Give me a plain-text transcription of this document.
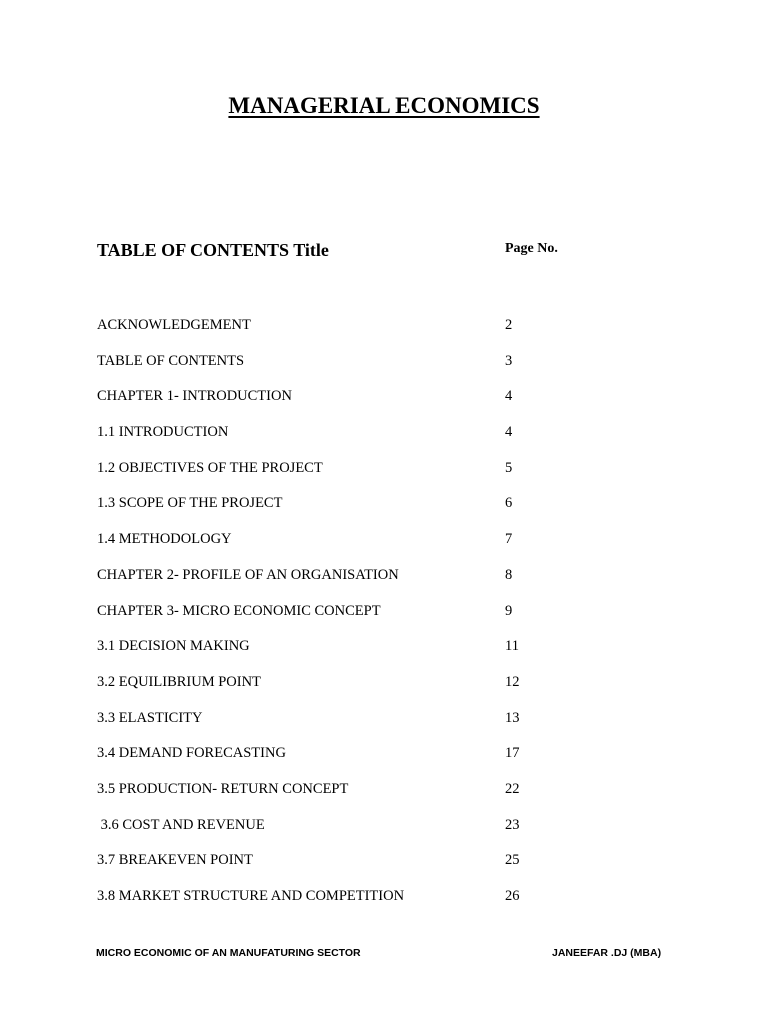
MANAGERIAL ECONOMICS
TABLE OF CONTENTS Title	Page No.
ACKNOWLEDGEMENT	2
TABLE OF CONTENTS	3
CHAPTER 1- INTRODUCTION	4
1.1 INTRODUCTION	4
1.2 OBJECTIVES OF THE PROJECT	5
1.3 SCOPE OF THE PROJECT	6
1.4 METHODOLOGY	7
CHAPTER 2- PROFILE OF AN ORGANISATION	8
CHAPTER 3- MICRO ECONOMIC CONCEPT	9
3.1 DECISION MAKING	11
3.2 EQUILIBRIUM POINT	12
3.3 ELASTICITY	13
3.4 DEMAND FORECASTING	17
3.5 PRODUCTION- RETURN CONCEPT	22
3.6 COST AND REVENUE	23
3.7 BREAKEVEN POINT	25
3.8 MARKET STRUCTURE AND COMPETITION	26
MICRO ECONOMIC OF AN MANUFATURING SECTOR	JANEEFAR .DJ (MBA)
